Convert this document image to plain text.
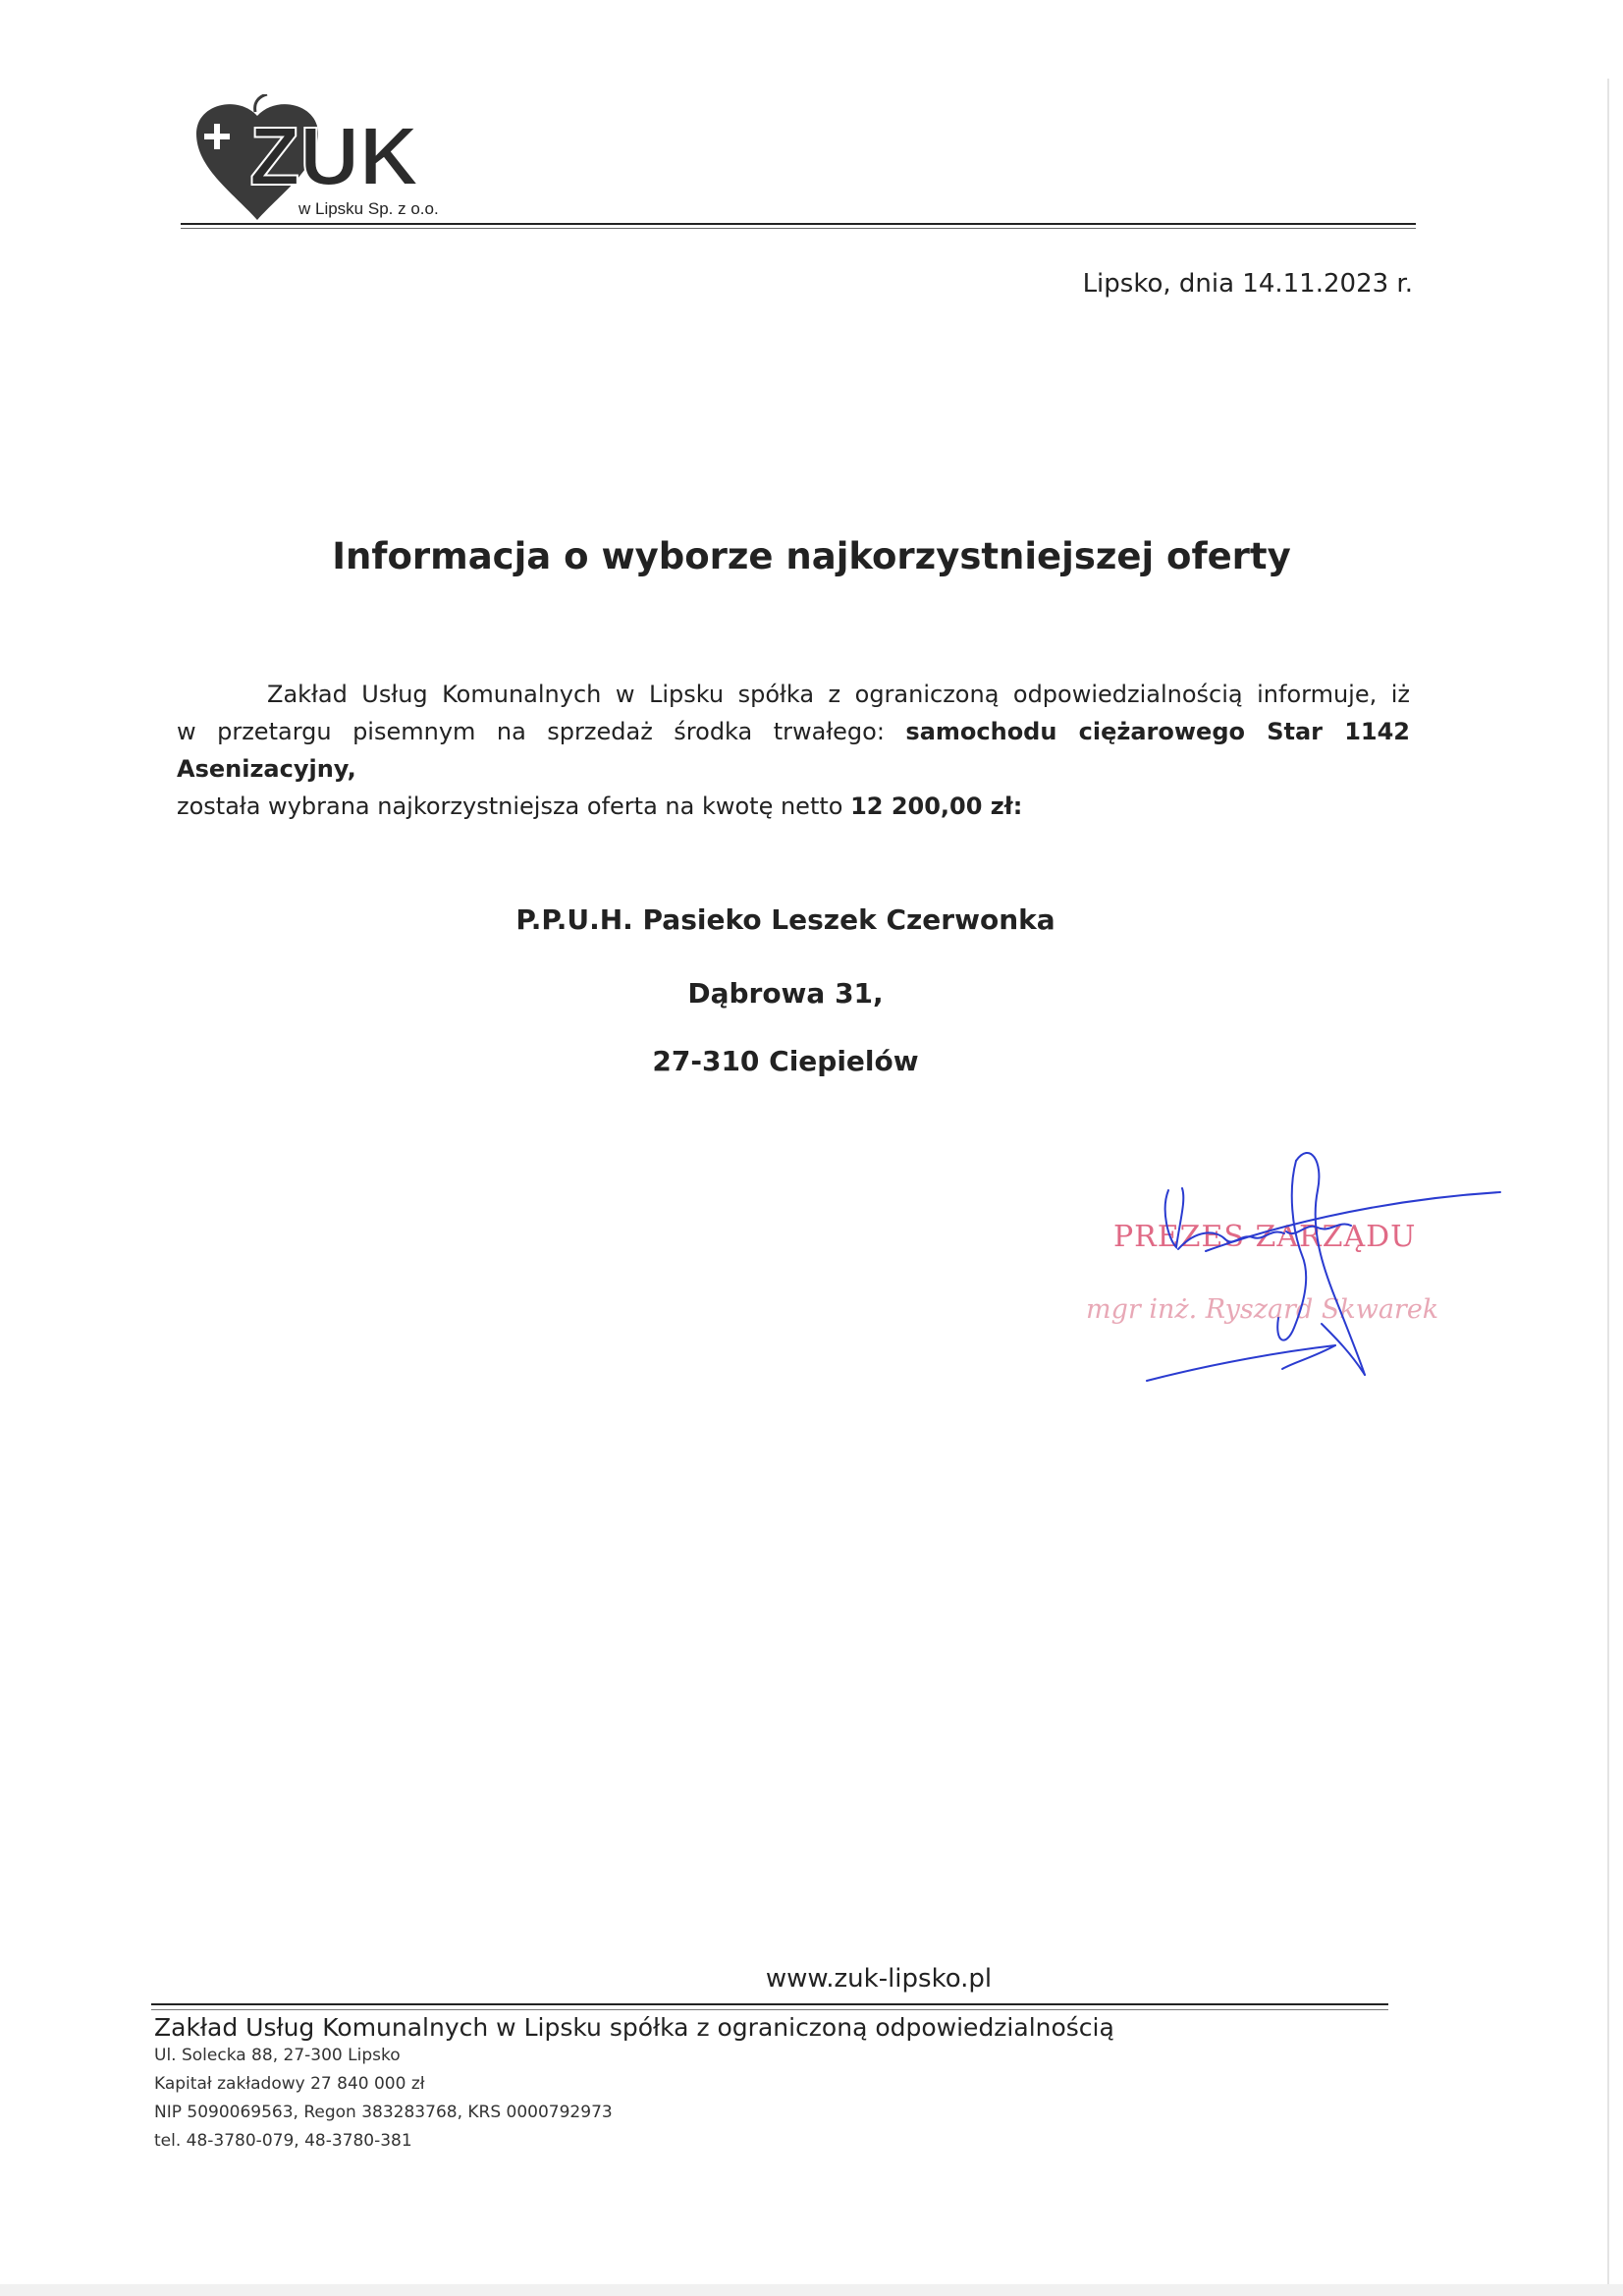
ZUK
w Lipsku Sp. z o.o.
Lipsko, dnia 14.11.2023 r.
Informacja o wyborze najkorzystniejszej oferty

Zakład Usług Komunalnych w Lipsku spółka z ograniczoną odpowiedzialnością informuje, iż

w przetargu pisemnym na sprzedaż środka trwałego: samochodu ciężarowego Star 1142 Asenizacyjny,

została wybrana najkorzystniejsza oferta na kwotę netto 12 200,00 zł:

P.P.U.H. Pasieko Leszek Czerwonka
Dąbrowa 31,
27-310 Ciepielów
PREZES ZARZĄDU
mgr inż. Ryszard Skwarek
www.zuk-lipsko.pl
Zakład Usług Komunalnych w Lipsku spółka z ograniczoną odpowiedzialnością
Ul. Solecka 88, 27-300 Lipsko
Kapitał zakładowy 27 840 000 zł
NIP 5090069563, Regon 383283768, KRS 0000792973
tel. 48-3780-079, 48-3780-381
